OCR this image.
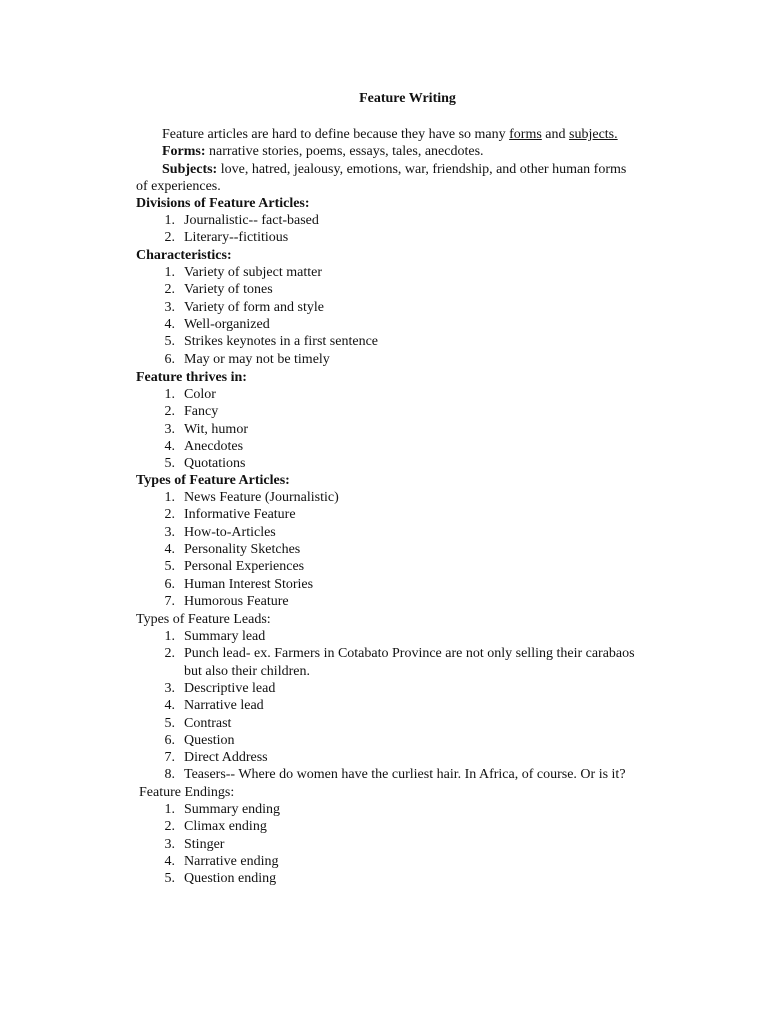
Feature Writing
Feature articles are hard to define because they have so many forms and subjects.
Forms: narrative stories, poems, essays, tales, anecdotes.
Subjects: love, hatred, jealousy, emotions, war, friendship, and other human forms
of experiences.
Divisions of Feature Articles:
1. Journalistic-- fact-based
2. Literary--fictitious
Characteristics:
1. Variety of subject matter
2. Variety of tones
3. Variety of form and style
4. Well-organized
5. Strikes keynotes in a first sentence
6. May or may not be timely
Feature thrives in:
1. Color
2. Fancy
3. Wit, humor
4. Anecdotes
5. Quotations
Types of Feature Articles:
1. News Feature (Journalistic)
2. Informative Feature
3. How-to-Articles
4. Personality Sketches
5. Personal Experiences
6. Human Interest Stories
7. Humorous Feature
Types of Feature Leads:
1. Summary lead
2. Punch lead- ex. Farmers in Cotabato Province are not only selling their carabaos
but also their children.
3. Descriptive lead
4. Narrative lead
5. Contrast
6. Question
7. Direct Address
8. Teasers-- Where do women have the curliest hair. In Africa, of course. Or is it?
Feature Endings:
1. Summary ending
2. Climax ending
3. Stinger
4. Narrative ending
5. Question ending
